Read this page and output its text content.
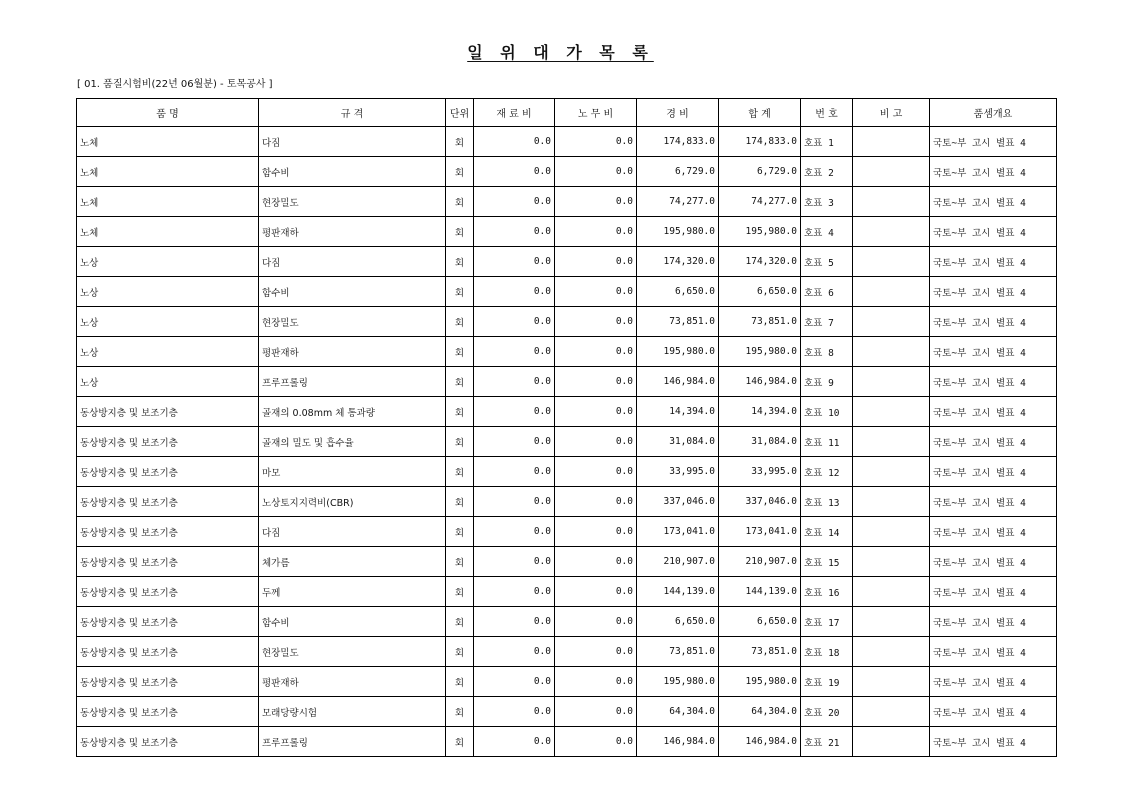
일 위 대 가 목 록
[ 01. 품질시험비(22년 06월분) - 토목공사 ]
품 명	규 격	단위	재 료 비	노 무 비	경 비	합 계	번 호	비 고	품셈개요
노체	다짐	회	0.0	0.0	174,833.0	174,833.0	호표 1		국토~부 고시 별표 4
노체	함수비	회	0.0	0.0	6,729.0	6,729.0	호표 2		국토~부 고시 별표 4
노체	현장밀도	회	0.0	0.0	74,277.0	74,277.0	호표 3		국토~부 고시 별표 4
노체	평판재하	회	0.0	0.0	195,980.0	195,980.0	호표 4		국토~부 고시 별표 4
노상	다짐	회	0.0	0.0	174,320.0	174,320.0	호표 5		국토~부 고시 별표 4
노상	함수비	회	0.0	0.0	6,650.0	6,650.0	호표 6		국토~부 고시 별표 4
노상	현장밀도	회	0.0	0.0	73,851.0	73,851.0	호표 7		국토~부 고시 별표 4
노상	평판재하	회	0.0	0.0	195,980.0	195,980.0	호표 8		국토~부 고시 별표 4
노상	프루프롤링	회	0.0	0.0	146,984.0	146,984.0	호표 9		국토~부 고시 별표 4
동상방지층 및 보조기층	골재의 0.08mm 체 통과량	회	0.0	0.0	14,394.0	14,394.0	호표 10		국토~부 고시 별표 4
동상방지층 및 보조기층	골재의 밀도 및 흡수율	회	0.0	0.0	31,084.0	31,084.0	호표 11		국토~부 고시 별표 4
동상방지층 및 보조기층	마모	회	0.0	0.0	33,995.0	33,995.0	호표 12		국토~부 고시 별표 4
동상방지층 및 보조기층	노상토지지력비(CBR)	회	0.0	0.0	337,046.0	337,046.0	호표 13		국토~부 고시 별표 4
동상방지층 및 보조기층	다짐	회	0.0	0.0	173,041.0	173,041.0	호표 14		국토~부 고시 별표 4
동상방지층 및 보조기층	체가름	회	0.0	0.0	210,907.0	210,907.0	호표 15		국토~부 고시 별표 4
동상방지층 및 보조기층	두께	회	0.0	0.0	144,139.0	144,139.0	호표 16		국토~부 고시 별표 4
동상방지층 및 보조기층	함수비	회	0.0	0.0	6,650.0	6,650.0	호표 17		국토~부 고시 별표 4
동상방지층 및 보조기층	현장밀도	회	0.0	0.0	73,851.0	73,851.0	호표 18		국토~부 고시 별표 4
동상방지층 및 보조기층	평판재하	회	0.0	0.0	195,980.0	195,980.0	호표 19		국토~부 고시 별표 4
동상방지층 및 보조기층	모래당량시험	회	0.0	0.0	64,304.0	64,304.0	호표 20		국토~부 고시 별표 4
동상방지층 및 보조기층	프루프롤링	회	0.0	0.0	146,984.0	146,984.0	호표 21		국토~부 고시 별표 4
